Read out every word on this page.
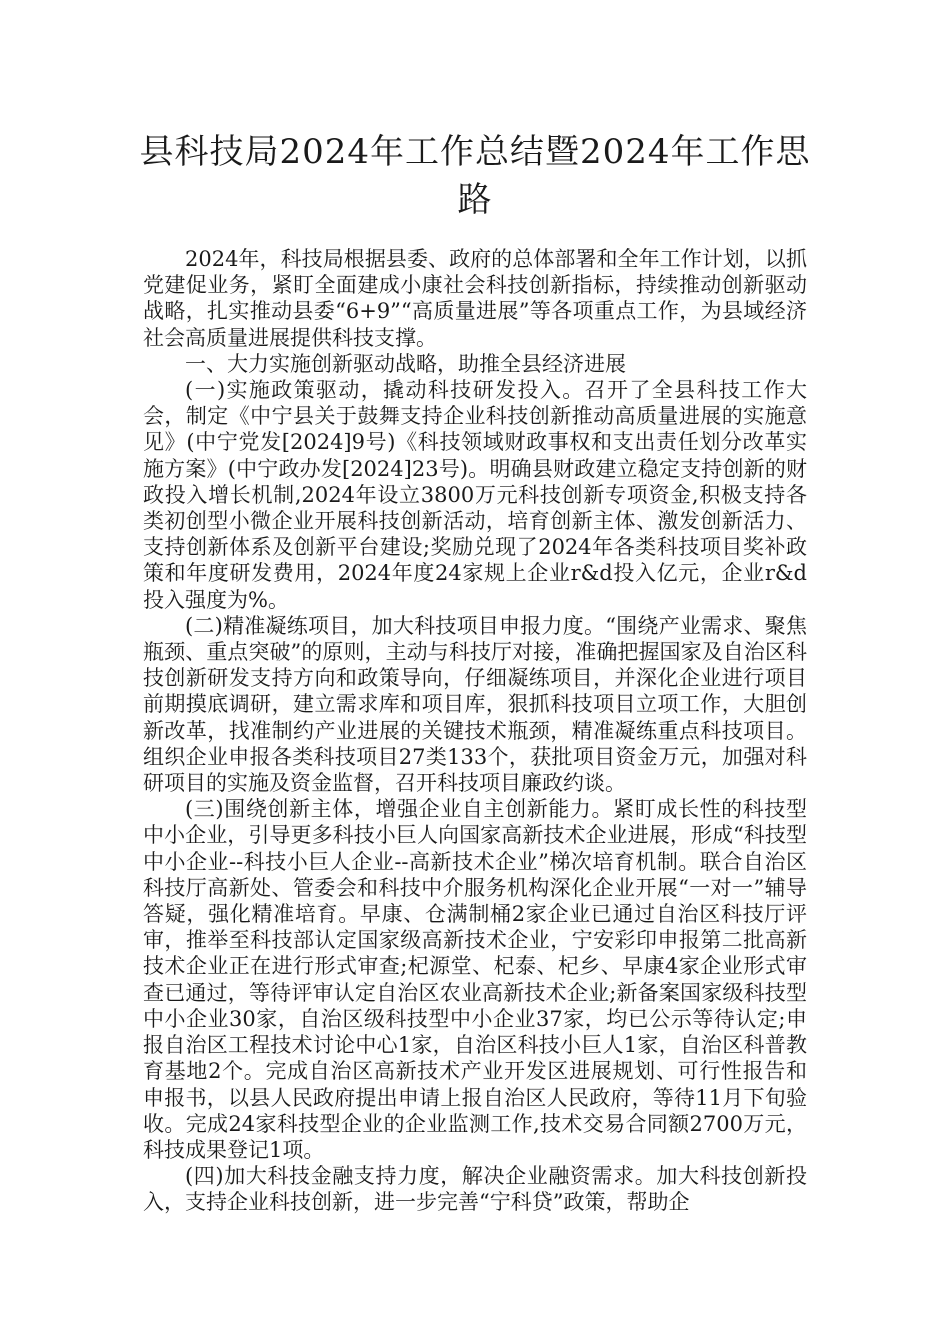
县科技局2024年工作总结暨2024年工作思路

2024年，科技局根据县委、政府的总体部署和全年工作计划，以抓党建促业务，紧盯全面建成小康社会科技创新指标，持续推动创新驱动战略，扎实推动县委“6+9”“高质量进展”等各项重点工作，为县域经济社会高质量进展提供科技支撑。

一、大力实施创新驱动战略，助推全县经济进展

(一)实施政策驱动，撬动科技研发投入。召开了全县科技工作大会，制定《中宁县关于鼓舞支持企业科技创新推动高质量进展的实施意见》(中宁党发[2024]9号)《科技领域财政事权和支出责任划分改革实施方案》(中宁政办发[2024]23号)。明确县财政建立稳定支持创新的财政投入增长机制,2024年设立3800万元科技创新专项资金,积极支持各类初创型小微企业开展科技创新活动，培育创新主体、激发创新活力、支持创新体系及创新平台建设;奖励兑现了2024年各类科技项目奖补政策和年度研发费用，2024年度24家规上企业r&d投入亿元，企业r&d投入强度为%。

(二)精准凝练项目，加大科技项目申报力度。“围绕产业需求、聚焦瓶颈、重点突破”的原则，主动与科技厅对接，准确把握国家及自治区科技创新研发支持方向和政策导向，仔细凝练项目，并深化企业进行项目前期摸底调研，建立需求库和项目库，狠抓科技项目立项工作，大胆创新改革，找准制约产业进展的关键技术瓶颈，精准凝练重点科技项目。组织企业申报各类科技项目27类133个，获批项目资金万元，加强对科研项目的实施及资金监督，召开科技项目廉政约谈。

(三)围绕创新主体，增强企业自主创新能力。紧盯成长性的科技型中小企业，引导更多科技小巨人向国家高新技术企业进展，形成“科技型中小企业--科技小巨人企业--高新技术企业”梯次培育机制。联合自治区科技厅高新处、管委会和科技中介服务机构深化企业开展“一对一”辅导答疑，强化精准培育。早康、仓满制桶2家企业已通过自治区科技厅评审，推举至科技部认定国家级高新技术企业，宁安彩印申报第二批高新技术企业正在进行形式审查;杞源堂、杞泰、杞乡、早康4家企业形式审查已通过，等待评审认定自治区农业高新技术企业;新备案国家级科技型中小企业30家，自治区级科技型中小企业37家，均已公示等待认定;申报自治区工程技术讨论中心1家，自治区科技小巨人1家，自治区科普教育基地2个。完成自治区高新技术产业开发区进展规划、可行性报告和申报书，以县人民政府提出申请上报自治区人民政府，等待11月下旬验收。完成24家科技型企业的企业监测工作,技术交易合同额2700万元，科技成果登记1项。

(四)加大科技金融支持力度，解决企业融资需求。加大科技创新投入，支持企业科技创新，进一步完善“宁科贷”政策，帮助企
